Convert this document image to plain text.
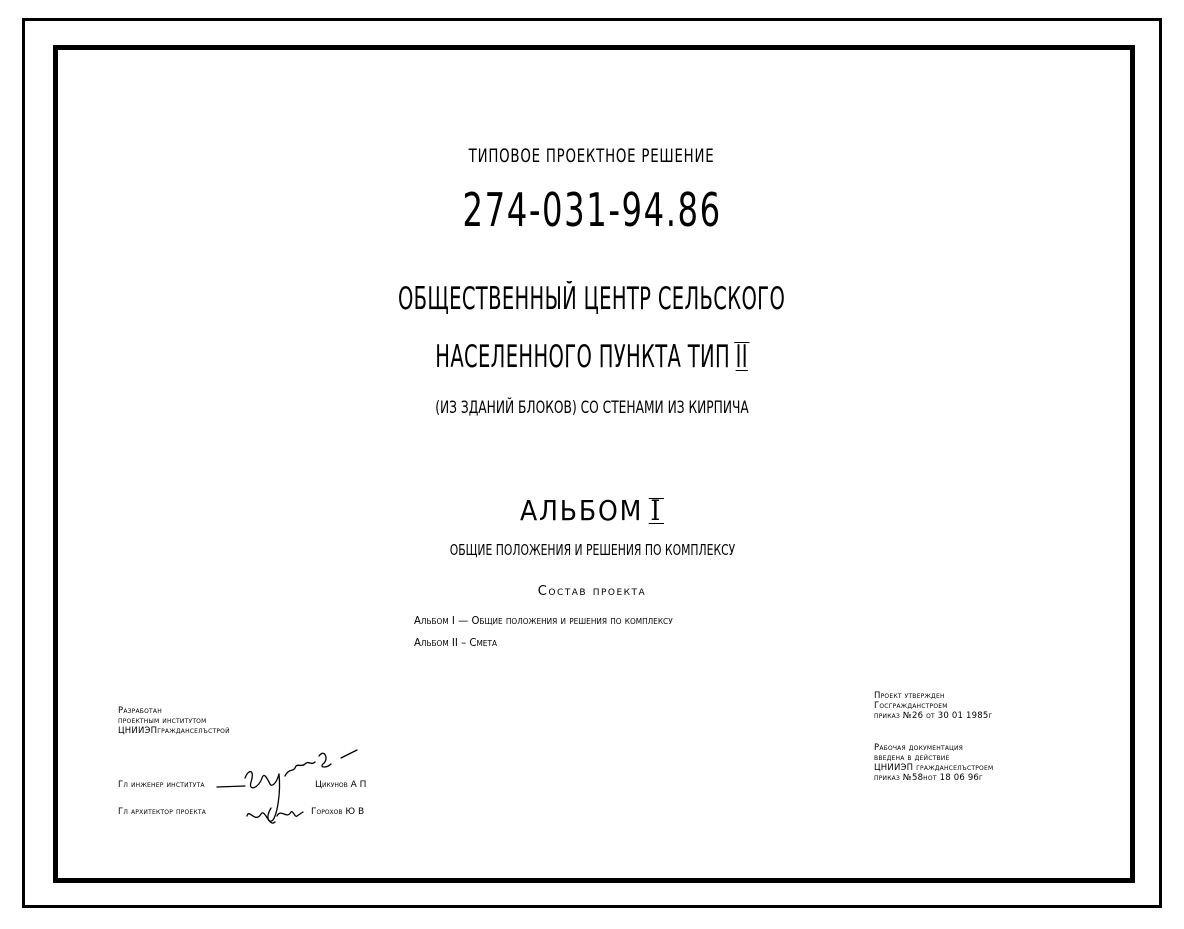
ТИПОВОЕ ПРОЕКТНОЕ РЕШЕНИЕ
274-031-94.86
ОБЩЕСТВЕННЫЙ ЦЕНТР СЕЛЬСКОГО
НАСЕЛЕННОГО ПУНКТА ТИП II
(ИЗ ЗДАНИЙ БЛОКОВ) СО СТЕНАМИ ИЗ КИРПИЧА
АЛЬБОМ I
ОБЩИЕ ПОЛОЖЕНИЯ И РЕШЕНИЯ ПО КОМПЛЕКСУ
Состав проекта
Альбом I — Общие положения и решения по комплексу
Альбом II – Смета
Разработан
проектным институтом
ЦНИИЭПгражданселъстрой
Гл инженер института	Цикунов А П
Гл архитектор проекта	Горохов Ю В
Проект утвержден
Госгражданстроем
приказ №26 от 30 01 1985г
Рабочая документация
введена в действие
ЦНИИЭП гражданселъстроем
приказ №58нот 18 06 96г
